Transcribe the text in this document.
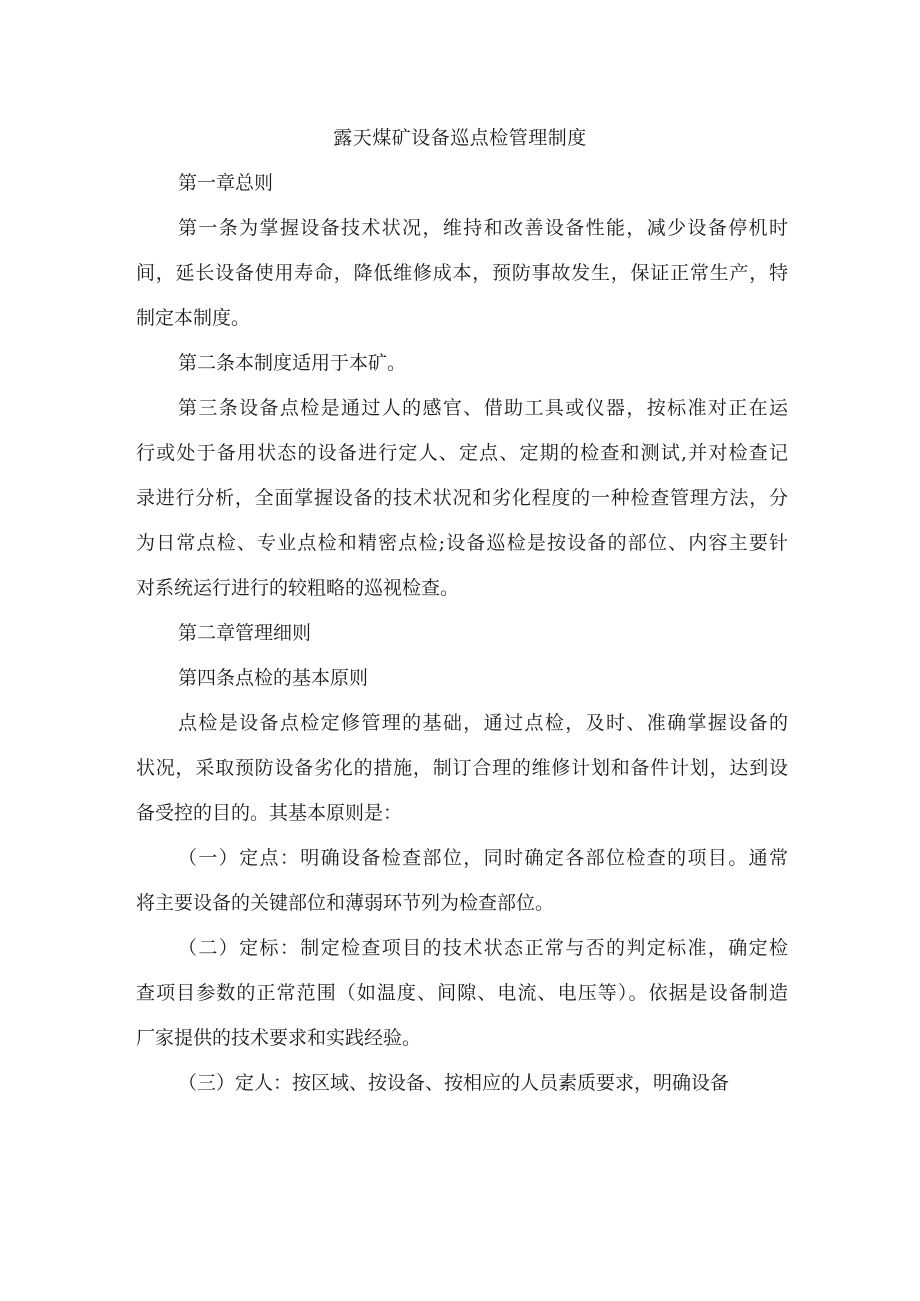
露天煤矿设备巡点检管理制度
第一章总则
第一条为掌握设备技术状况，维持和改善设备性能，减少设备停机时
间，延长设备使用寿命，降低维修成本，预防事故发生，保证正常生产，特
制定本制度。
第二条本制度适用于本矿。
第三条设备点检是通过人的感官、借助工具或仪器，按标准对正在运
行或处于备用状态的设备进行定人、定点、定期的检查和测试,并对检查记
录进行分析，全面掌握设备的技术状况和劣化程度的一种检查管理方法，分
为日常点检、专业点检和精密点检;设备巡检是按设备的部位、内容主要针
对系统运行进行的较粗略的巡视检查。
第二章管理细则
第四条点检的基本原则
点检是设备点检定修管理的基础，通过点检，及时、准确掌握设备的
状况，采取预防设备劣化的措施，制订合理的维修计划和备件计划，达到设
备受控的目的。其基本原则是：
（一）定点：明确设备检查部位，同时确定各部位检查的项目。通常
将主要设备的关键部位和薄弱环节列为检查部位。
（二）定标：制定检查项目的技术状态正常与否的判定标准，确定检
查项目参数的正常范围（如温度、间隙、电流、电压等）。依据是设备制造
厂家提供的技术要求和实践经验。
（三）定人：按区域、按设备、按相应的人员素质要求，明确设备
